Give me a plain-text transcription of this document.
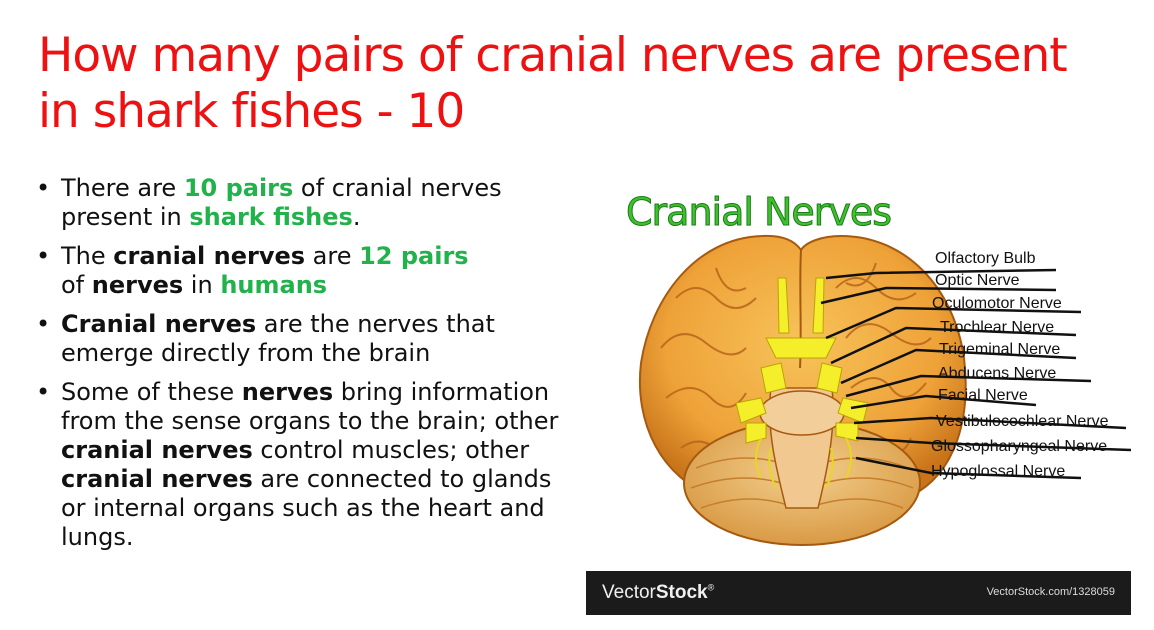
How many pairs of cranial nerves are present
in shark fishes - 10
• There are 10 pairs of cranial nerves present in shark fishes.
• The cranial nerves are 12 pairs
of nerves in humans
• Cranial nerves are the nerves that emerge directly from the brain
• Some of these nerves bring information from the sense organs to the brain; other cranial nerves control muscles; other cranial nerves are connected to glands or internal organs such as the heart and lungs.
Cranial Nerves
Olfactory Bulb
Optic Nerve
Oculomotor Nerve
Trochlear Nerve
Trigeminal Nerve
Abducens Nerve
Facial Nerve
Vestibulocochlear Nerve
Glossopharyngeal Nerve
Hypoglossal Nerve
VectorStock®	VectorStock.com/1328059
